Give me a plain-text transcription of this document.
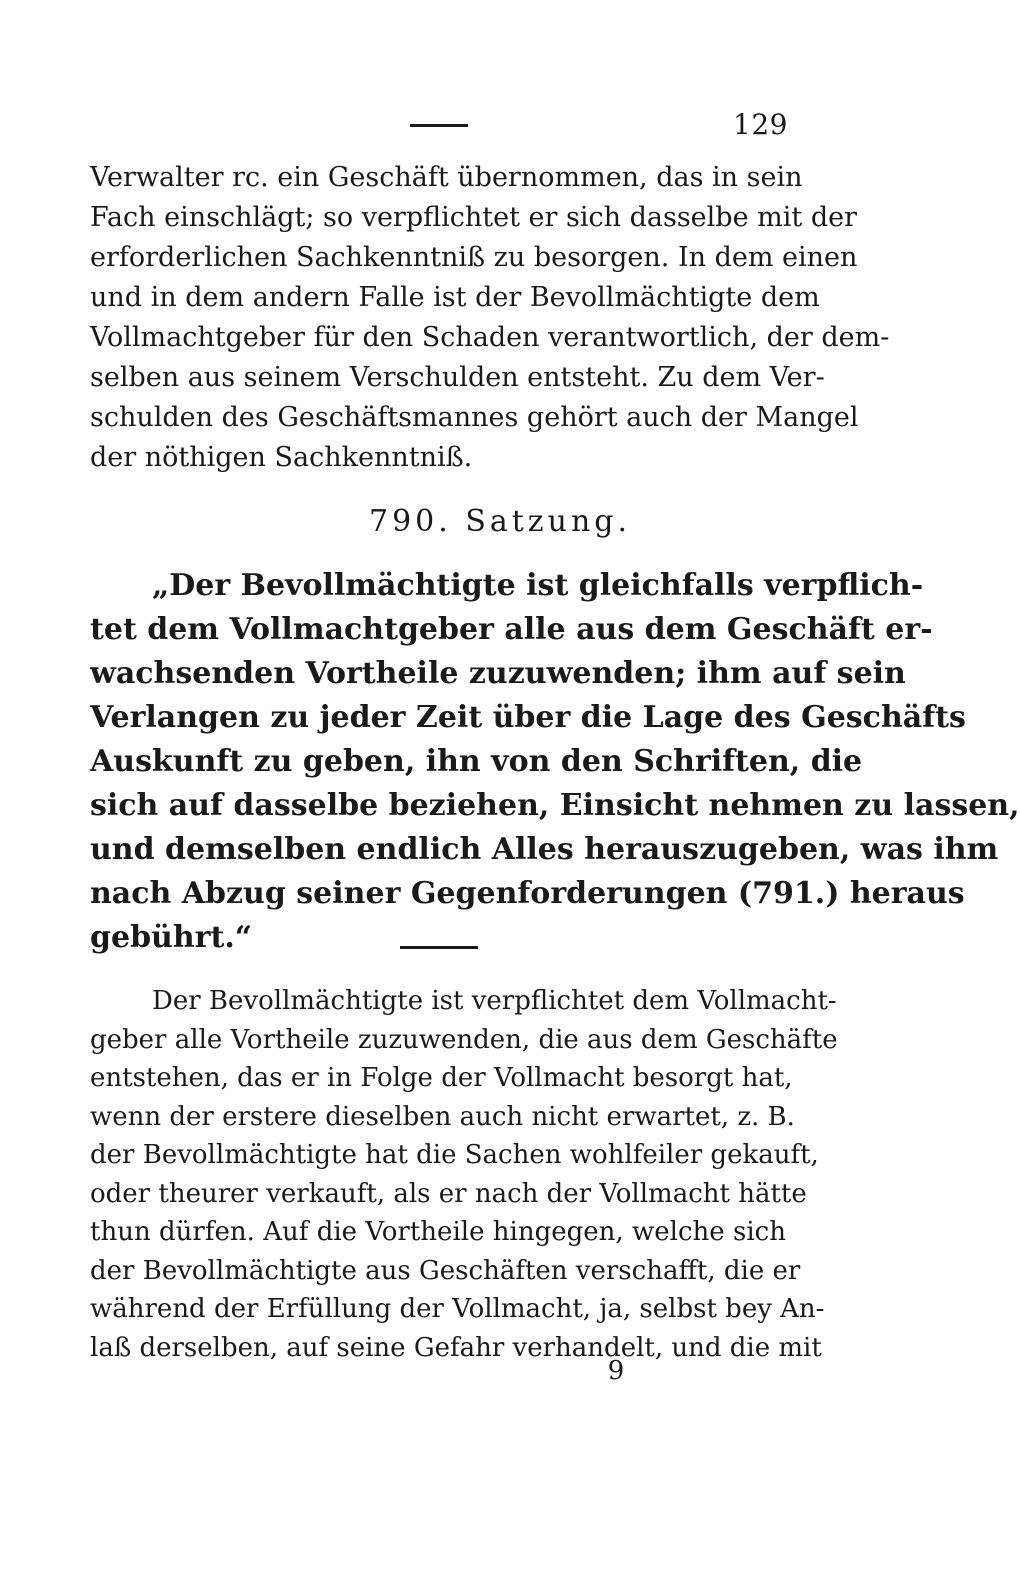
129
Verwalter rc. ein Geschäft übernommen, das in sein
Fach einschlägt; so verpflichtet er sich dasselbe mit der
erforderlichen Sachkenntniß zu besorgen. In dem einen
und in dem andern Falle ist der Bevollmächtigte dem
Vollmachtgeber für den Schaden verantwortlich, der dem-
selben aus seinem Verschulden entsteht. Zu dem Ver-
schulden des Geschäftsmannes gehört auch der Mangel
der nöthigen Sachkenntniß.
790. Satzung.
„Der Bevollmächtigte ist gleichfalls verpflich-
tet dem Vollmachtgeber alle aus dem Geschäft er-
wachsenden Vortheile zuzuwenden; ihm auf sein
Verlangen zu jeder Zeit über die Lage des Geschäfts
Auskunft zu geben, ihn von den Schriften, die
sich auf dasselbe beziehen, Einsicht nehmen zu lassen,
und demselben endlich Alles herauszugeben, was ihm
nach Abzug seiner Gegenforderungen (791.) heraus
gebührt.“
Der Bevollmächtigte ist verpflichtet dem Vollmacht-
geber alle Vortheile zuzuwenden, die aus dem Geschäfte
entstehen, das er in Folge der Vollmacht besorgt hat,
wenn der erstere dieselben auch nicht erwartet, z. B.
der Bevollmächtigte hat die Sachen wohlfeiler gekauft,
oder theurer verkauft, als er nach der Vollmacht hätte
thun dürfen. Auf die Vortheile hingegen, welche sich
der Bevollmächtigte aus Geschäften verschafft, die er
während der Erfüllung der Vollmacht, ja, selbst bey An-
laß derselben, auf seine Gefahr verhandelt, und die mit
9
